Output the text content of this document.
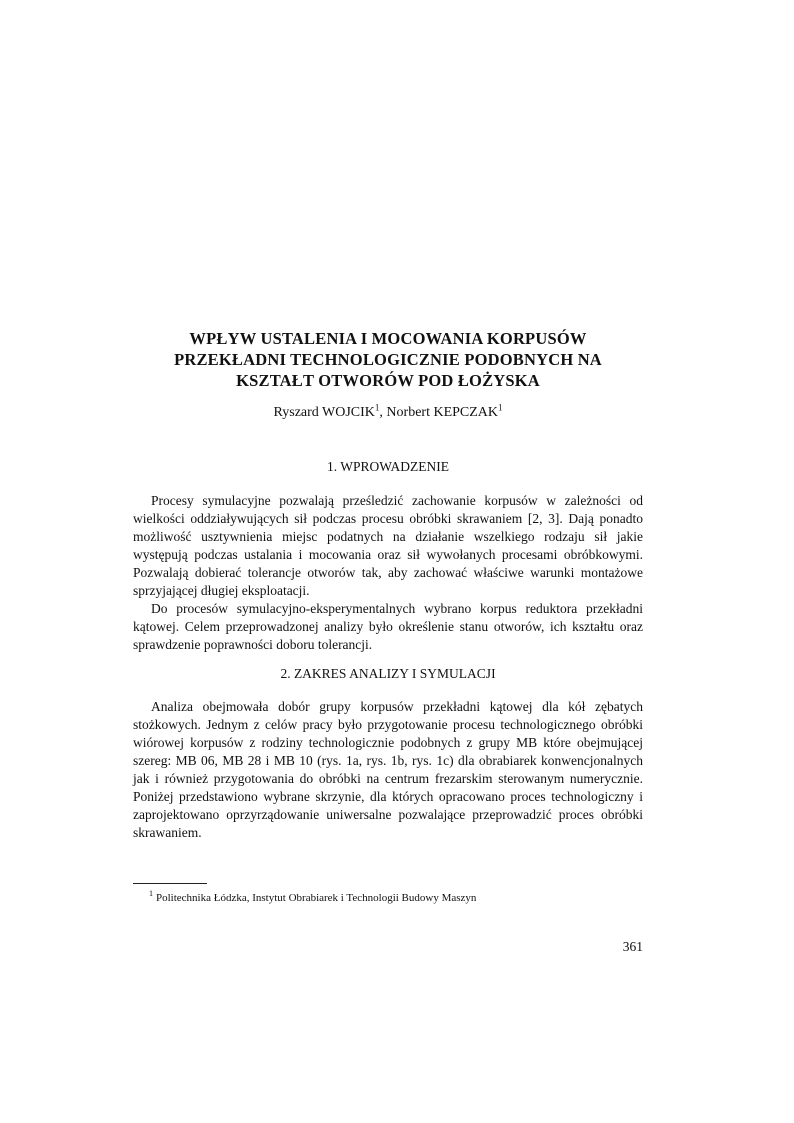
WPŁYW USTALENIA I MOCOWANIA KORPUSÓW
PRZEKŁADNI TECHNOLOGICZNIE PODOBNYCH NA
KSZTAŁT OTWORÓW POD ŁOŻYSKA
Ryszard WOJCIK$^1$, Norbert KEPCZAK$^1$
1. WPROWADZENIE

Procesy symulacyjne pozwalają prześledzić zachowanie korpusów w zależności od wielkości oddziaływujących sił podczas procesu obróbki skrawaniem [2, 3]. Dają ponadto możliwość usztywnienia miejsc podatnych na działanie wszelkiego rodzaju sił jakie występują podczas ustalania i mocowania oraz sił wywołanych procesami obróbkowymi. Pozwalają dobierać tolerancje otworów tak, aby zachować właściwe warunki montażowe sprzyjającej długiej eksploatacji.

Do procesów symulacyjno-eksperymentalnych wybrano korpus reduktora przekładni kątowej. Celem przeprowadzonej analizy było określenie stanu otworów, ich kształtu oraz sprawdzenie poprawności doboru tolerancji.

2. ZAKRES ANALIZY I SYMULACJI

Analiza obejmowała dobór grupy korpusów przekładni kątowej dla kół zębatych stożkowych. Jednym z celów pracy było przygotowanie procesu technologicznego obróbki wiórowej korpusów z rodziny technologicznie podobnych z grupy MB które obejmującej szereg: MB 06, MB 28 i MB 10 (rys. 1a, rys. 1b, rys. 1c) dla obrabiarek konwencjonalnych jak i również przygotowania do obróbki na centrum frezarskim sterowanym numerycznie. Poniżej przedstawiono wybrane skrzynie, dla których opracowano proces technologiczny i zaprojektowano oprzyrządowanie uniwersalne pozwalające przeprowadzić proces obróbki skrawaniem.

$^1$ Politechnika Łódzka, Instytut Obrabiarek i Technologii Budowy Maszyn
361
